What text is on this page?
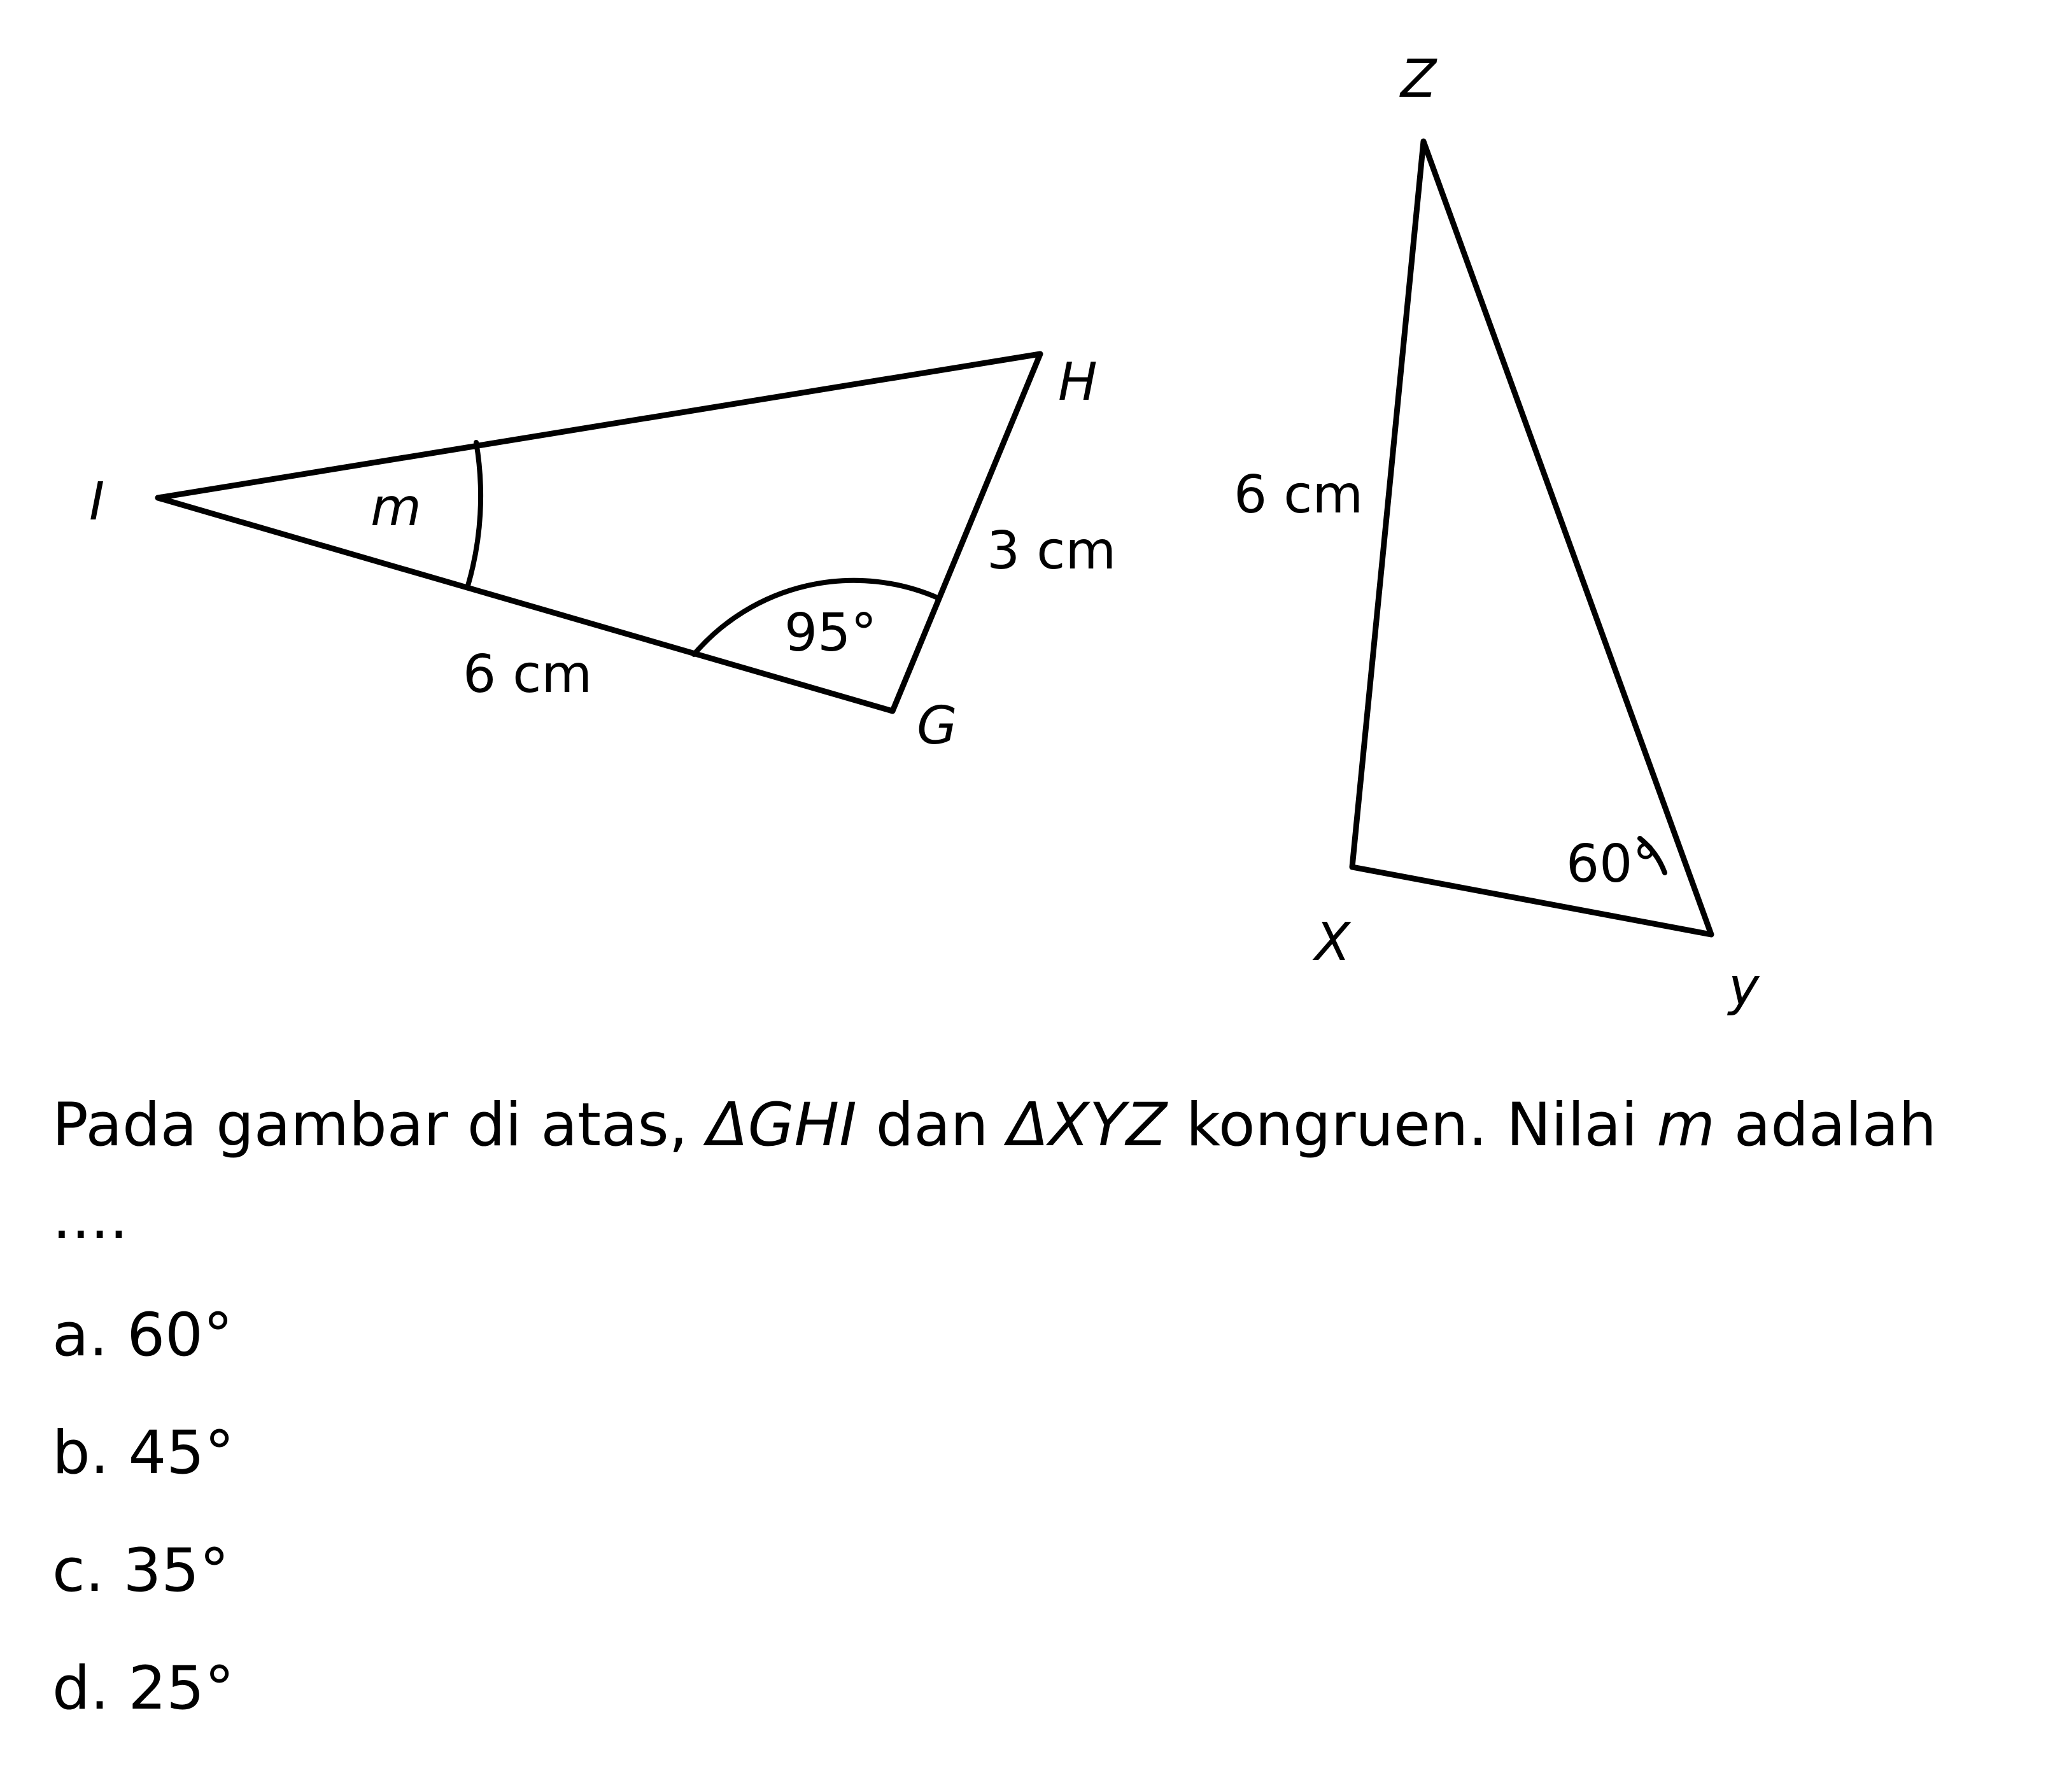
I
H
G
m
95°
6 cm
3 cm
Z
X
y
6 cm
60°

Pada gambar di atas, ΔGHI dan ΔXYZ kongruen. Nilai m adalah ....

a. 60°
b. 45°
c. 35°
d. 25°
